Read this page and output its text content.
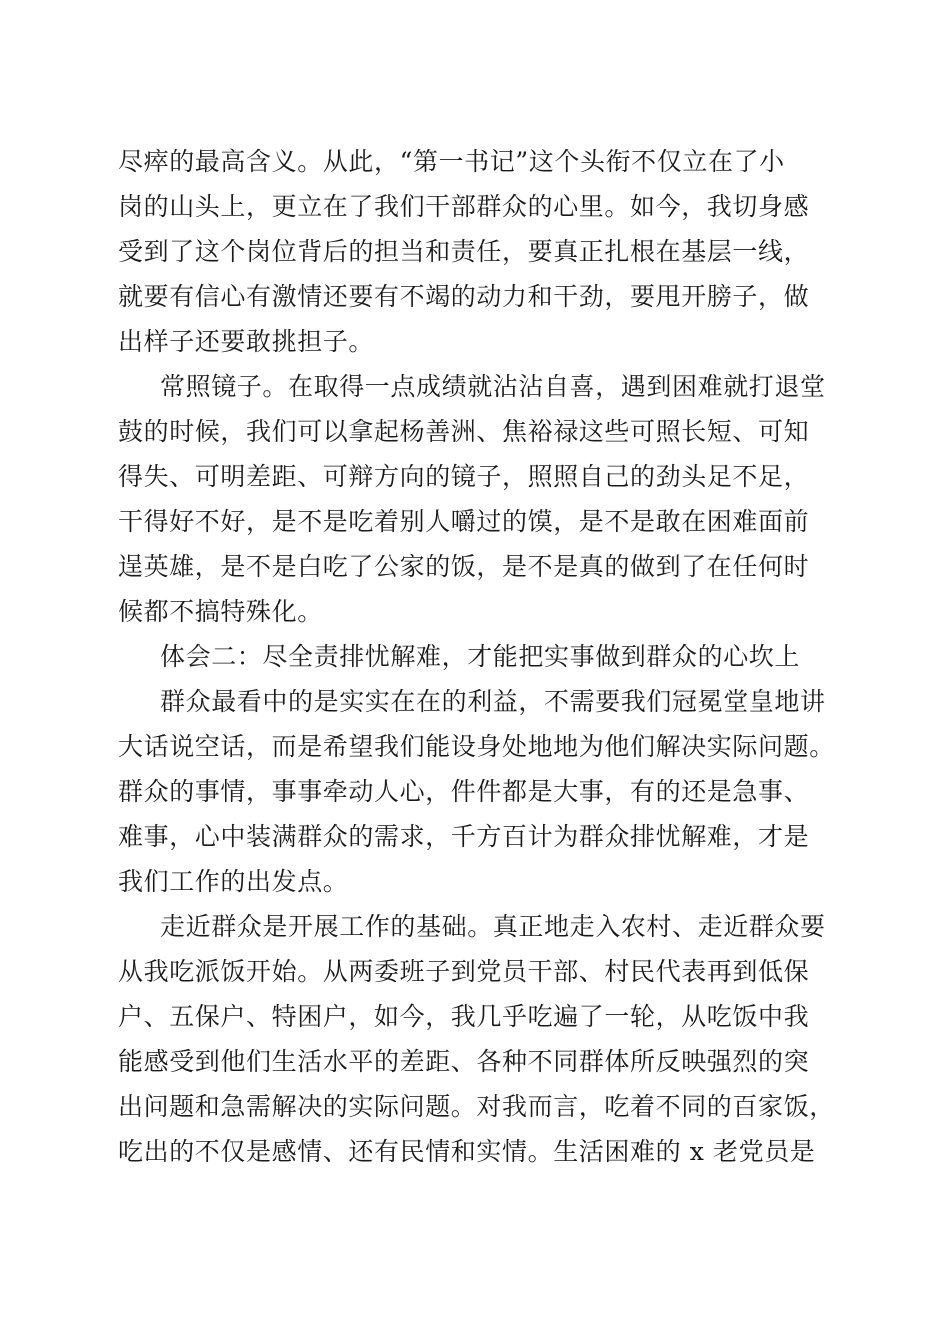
尽瘁的最高含义。从此，“第一书记”这个头衔不仅立在了小
岗的山头上，更立在了我们干部群众的心里。如今，我切身感
受到了这个岗位背后的担当和责任，要真正扎根在基层一线，
就要有信心有激情还要有不竭的动力和干劲，要甩开膀子，做
出样子还要敢挑担子。
常照镜子。在取得一点成绩就沾沾自喜，遇到困难就打退堂
鼓的时候，我们可以拿起杨善洲、焦裕禄这些可照长短、可知
得失、可明差距、可辩方向的镜子，照照自己的劲头足不足，
干得好不好，是不是吃着别人嚼过的馍，是不是敢在困难面前
逞英雄，是不是白吃了公家的饭，是不是真的做到了在任何时
候都不搞特殊化。
体会二：尽全责排忧解难，才能把实事做到群众的心坎上
群众最看中的是实实在在的利益，不需要我们冠冕堂皇地讲
大话说空话，而是希望我们能设身处地地为他们解决实际问题。
群众的事情，事事牵动人心，件件都是大事，有的还是急事、
难事，心中装满群众的需求，千方百计为群众排忧解难，才是
我们工作的出发点。
走近群众是开展工作的基础。真正地走入农村、走近群众要
从我吃派饭开始。从两委班子到党员干部、村民代表再到低保
户、五保户、特困户，如今，我几乎吃遍了一轮，从吃饭中我
能感受到他们生活水平的差距、各种不同群体所反映强烈的突
出问题和急需解决的实际问题。对我而言，吃着不同的百家饭，
吃出的不仅是感情、还有民情和实情。生活困难的 x 老党员是
